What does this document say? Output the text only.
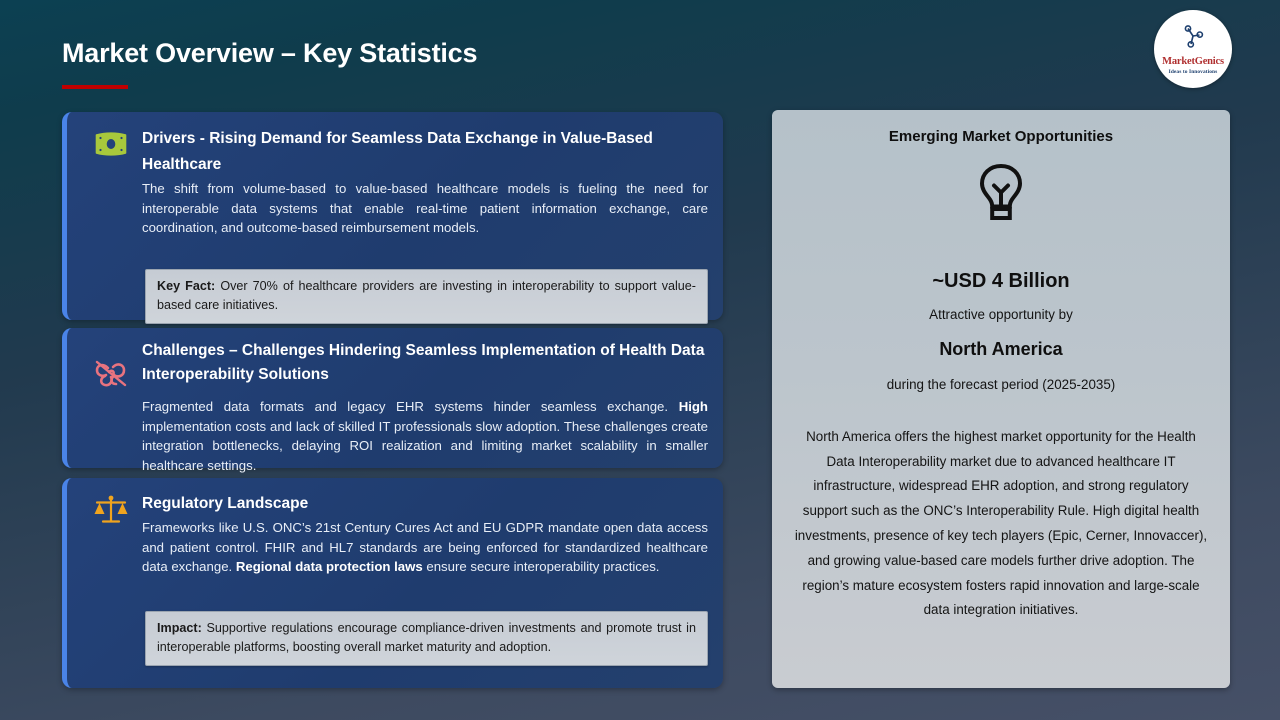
Market Overview – Key Statistics	MarketGenics
Ideas to Innovations
Drivers - Rising Demand for Seamless Data Exchange in Value-Based Healthcare

The shift from volume-based to value-based healthcare models is fueling the need for interoperable data systems that enable real-time patient information exchange, care coordination, and outcome-based reimbursement models.

Key Fact: Over 70% of healthcare providers are investing in interoperability to support value-based care initiatives.

Challenges – Challenges Hindering Seamless Implementation of Health Data Interoperability Solutions

Fragmented data formats and legacy EHR systems hinder seamless exchange. High implementation costs and lack of skilled IT professionals slow adoption. These challenges create integration bottlenecks, delaying ROI realization and limiting market scalability in smaller healthcare settings.

Regulatory Landscape

Frameworks like U.S. ONC’s 21st Century Cures Act and EU GDPR mandate open data access and patient control. FHIR and HL7 standards are being enforced for standardized healthcare data exchange. Regional data protection laws ensure secure interoperability practices.

Impact: Supportive regulations encourage compliance-driven investments and promote trust in interoperable platforms, boosting overall market maturity and adoption.

Emerging Market Opportunities
~USD 4 Billion
Attractive opportunity by
North America
during the forecast period (2025-2035)
North America offers the highest market opportunity for the Health Data Interoperability market due to advanced healthcare IT infrastructure, widespread EHR adoption, and strong regulatory support such as the ONC’s Interoperability Rule. High digital health investments, presence of key tech players (Epic, Cerner, Innovaccer), and growing value-based care models further drive adoption. The region’s mature ecosystem fosters rapid innovation and large-scale data integration initiatives.
